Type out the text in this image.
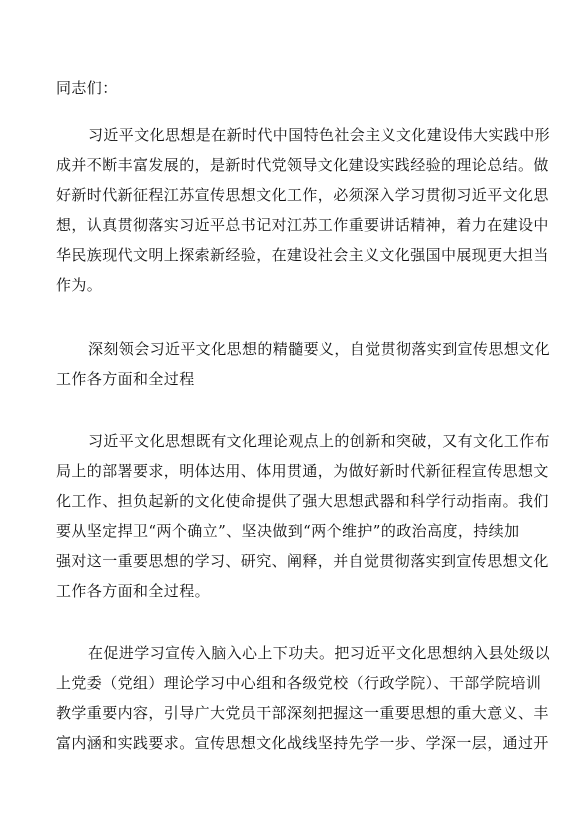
同志们：
习近平文化思想是在新时代中国特色社会主义文化建设伟大实践中形
成并不断丰富发展的，是新时代党领导文化建设实践经验的理论总结。做
好新时代新征程江苏宣传思想文化工作，必须深入学习贯彻习近平文化思
想，认真贯彻落实习近平总书记对江苏工作重要讲话精神，着力在建设中
华民族现代文明上探索新经验，在建设社会主义文化强国中展现更大担当
作为。
深刻领会习近平文化思想的精髓要义，自觉贯彻落实到宣传思想文化
工作各方面和全过程
习近平文化思想既有文化理论观点上的创新和突破，又有文化工作布
局上的部署要求，明体达用、体用贯通，为做好新时代新征程宣传思想文
化工作、担负起新的文化使命提供了强大思想武器和科学行动指南。我们
要从坚定捍卫“两个确立”、坚决做到“两个维护”的政治高度，持续加
强对这一重要思想的学习、研究、阐释，并自觉贯彻落实到宣传思想文化
工作各方面和全过程。
在促进学习宣传入脑入心上下功夫。把习近平文化思想纳入县处级以
上党委（党组）理论学习中心组和各级党校（行政学院）、干部学院培训
教学重要内容，引导广大党员干部深刻把握这一重要思想的重大意义、丰
富内涵和实践要求。宣传思想文化战线坚持先学一步、学深一层，通过开
